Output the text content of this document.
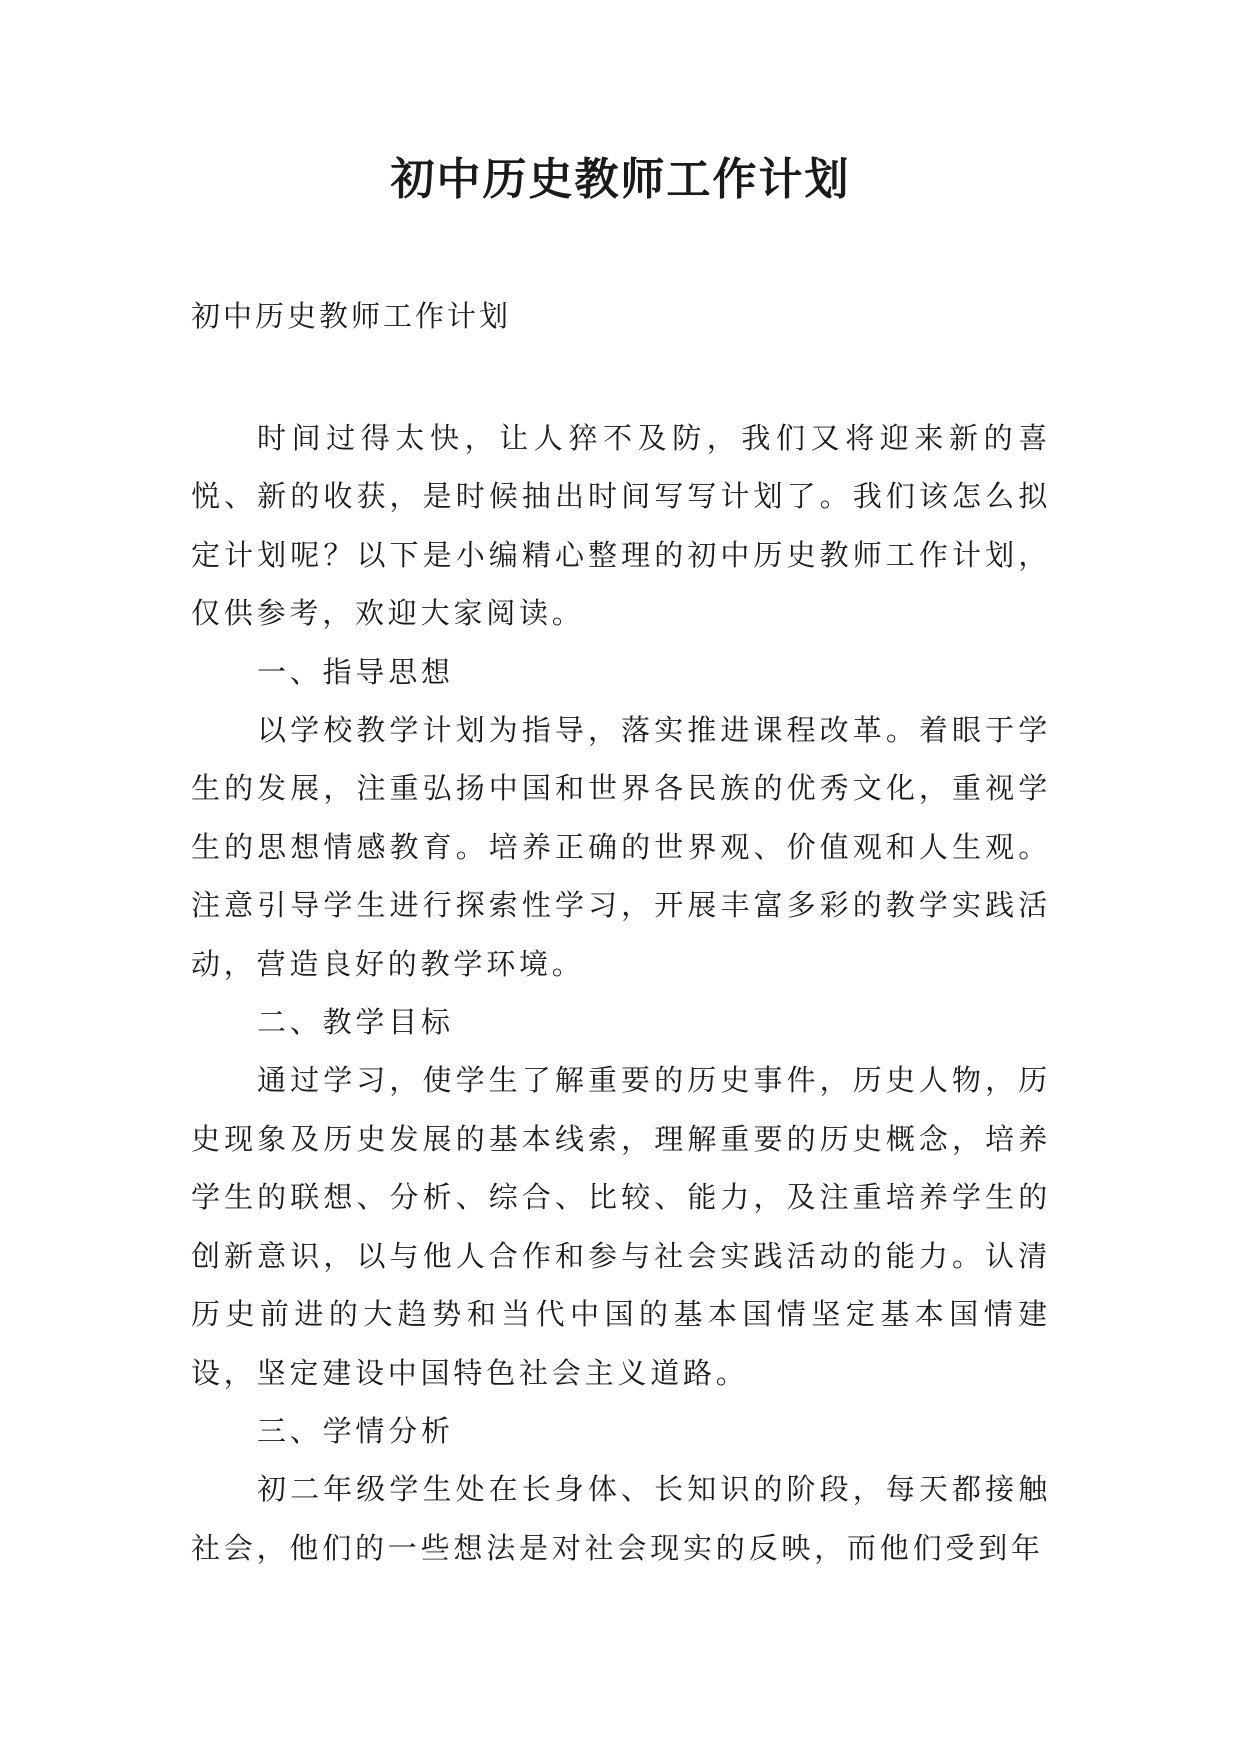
初中历史教师工作计划
初中历史教师工作计划

时间过得太快，让人猝不及防，我们又将迎来新的喜悦、新的收获，是时候抽出时间写写计划了。我们该怎么拟定计划呢？以下是小编精心整理的初中历史教师工作计划，仅供参考，欢迎大家阅读。

一、指导思想

以学校教学计划为指导，落实推进课程改革。着眼于学生的发展，注重弘扬中国和世界各民族的优秀文化，重视学生的思想情感教育。培养正确的世界观、价值观和人生观。注意引导学生进行探索性学习，开展丰富多彩的教学实践活动，营造良好的教学环境。

二、教学目标

通过学习，使学生了解重要的历史事件，历史人物，历史现象及历史发展的基本线索，理解重要的历史概念，培养学生的联想、分析、综合、比较、能力，及注重培养学生的创新意识，以与他人合作和参与社会实践活动的能力。认清历史前进的大趋势和当代中国的基本国情坚定基本国情建设，坚定建设中国特色社会主义道路。

三、学情分析

初二年级学生处在长身体、长知识的阶段，每天都接触社会，他们的一些想法是对社会现实的反映，而他们受到年
